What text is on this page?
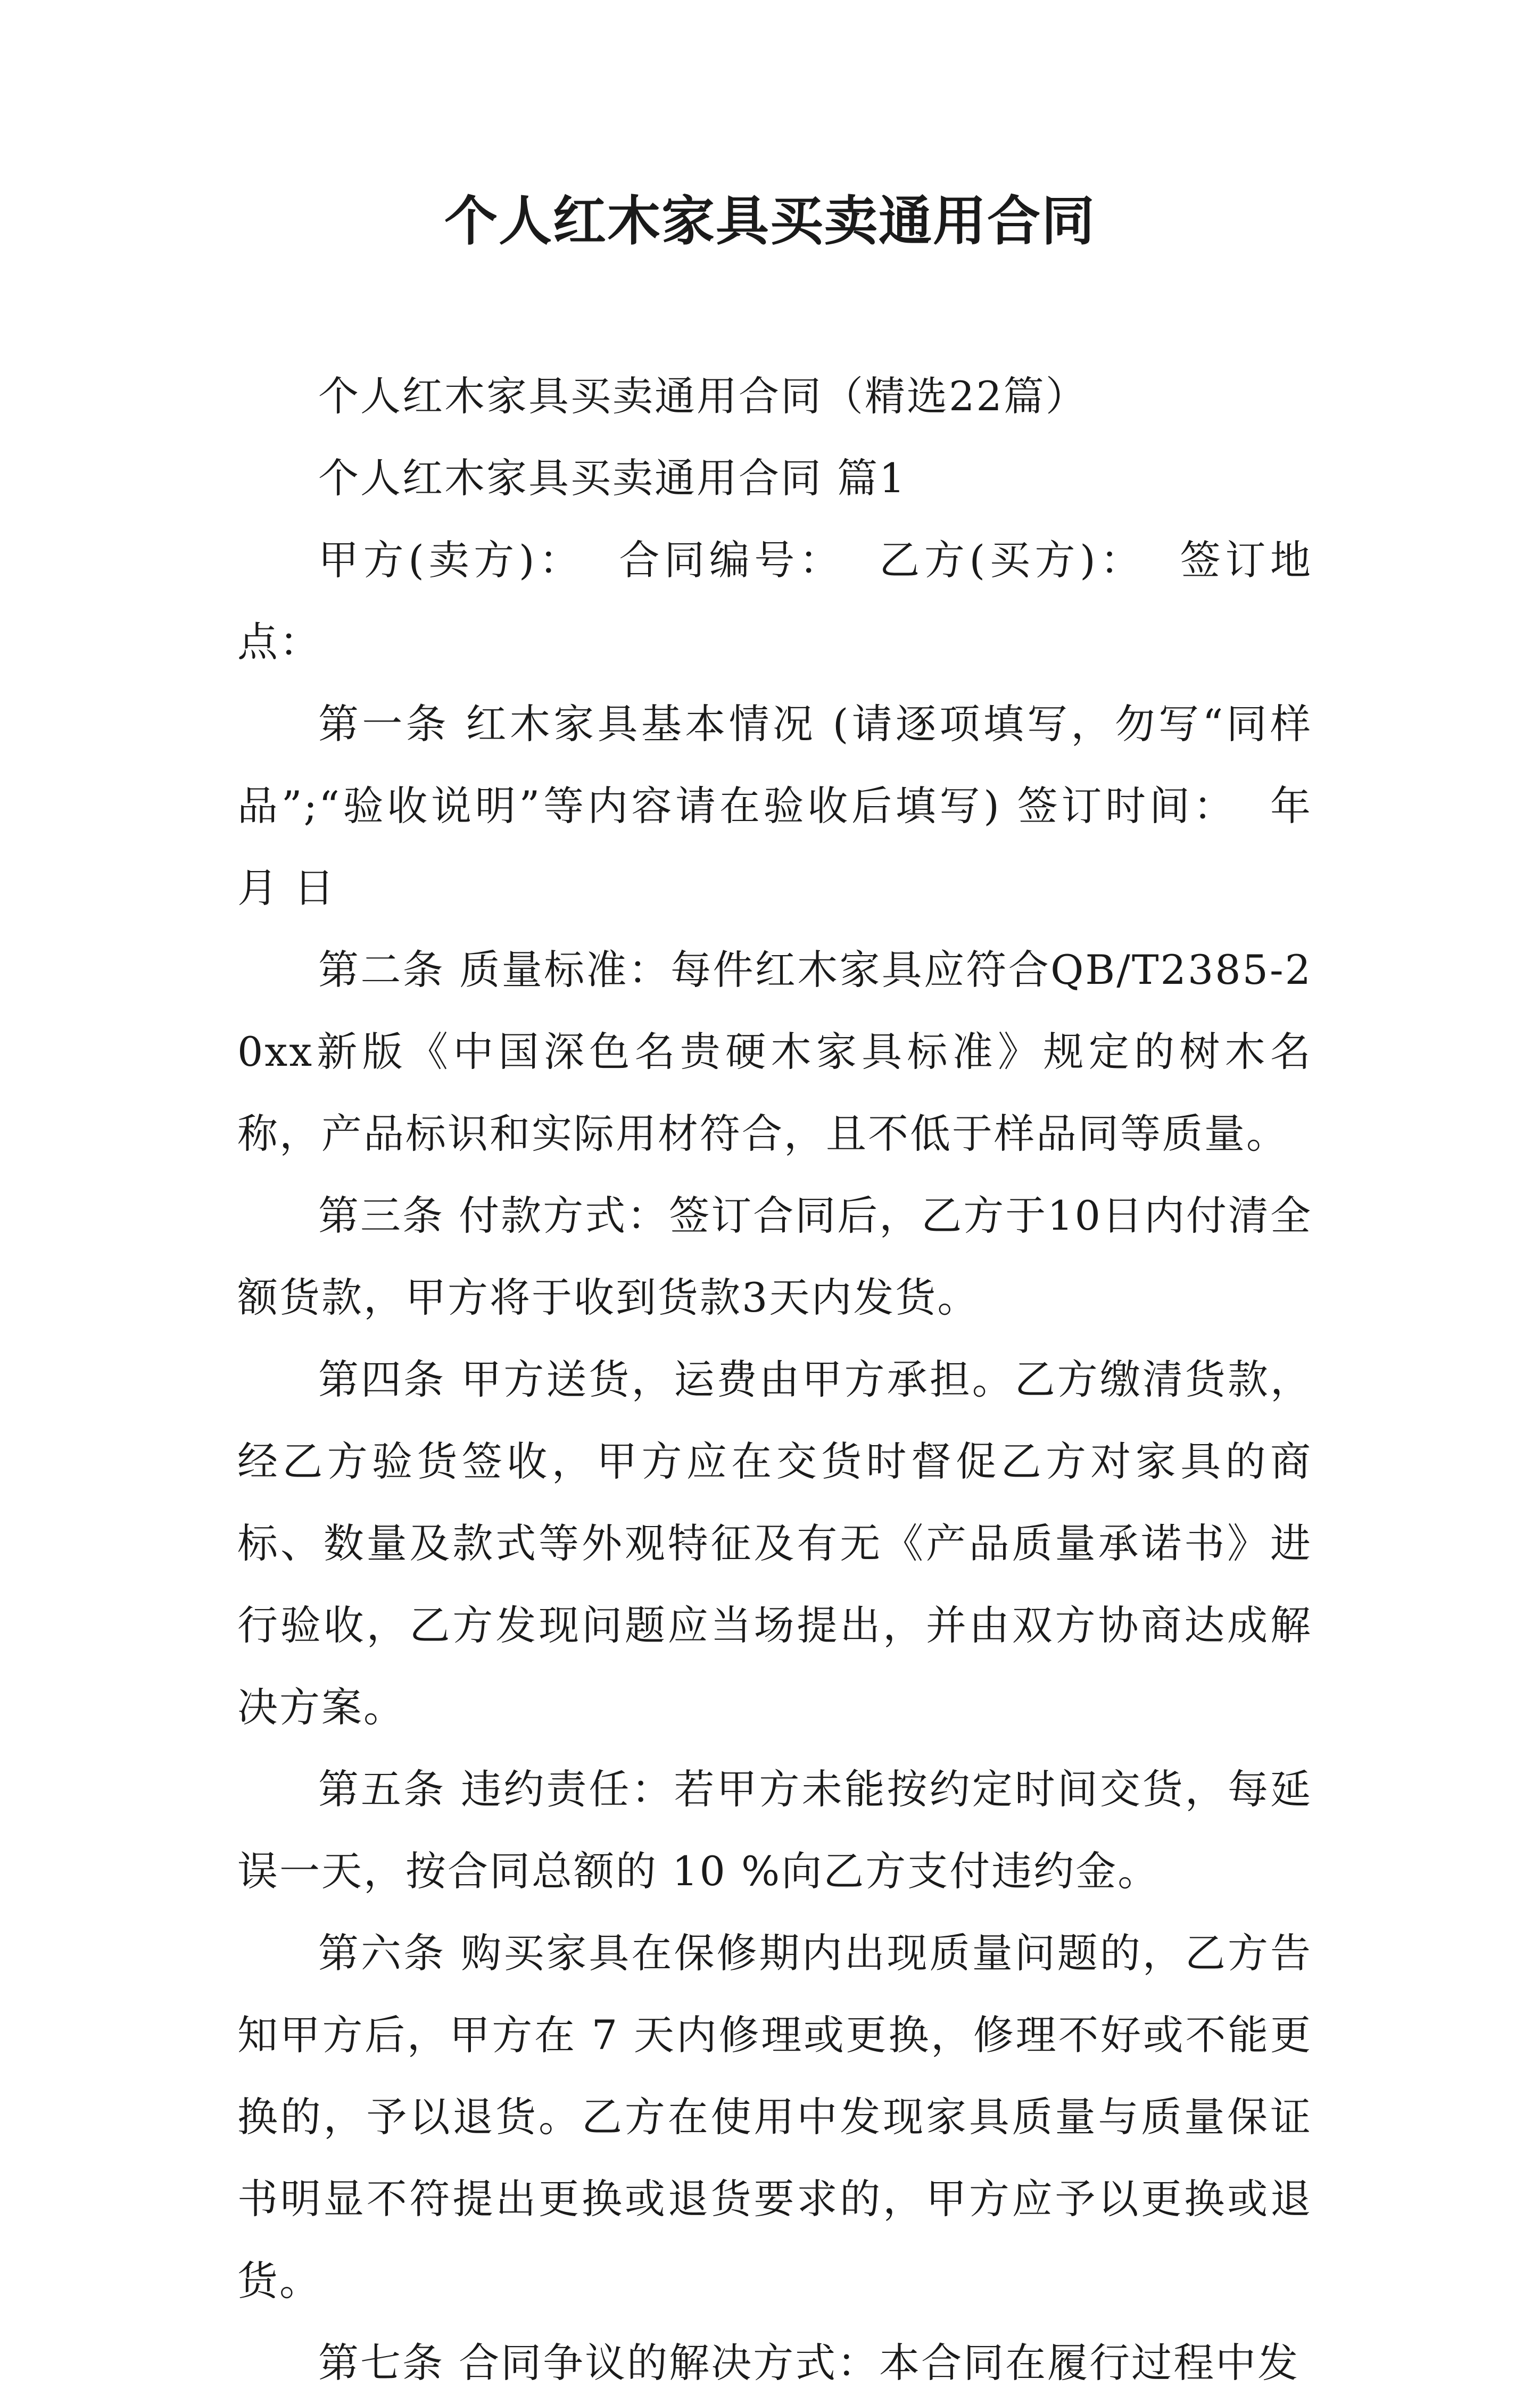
个人红木家具买卖通用合同

个人红木家具买卖通用合同（精选22篇）

个人红木家具买卖通用合同 篇1

甲方(卖方)：  合同编号：  乙方(买方)：  签订地点：

第一条 红木家具基本情况 (请逐项填写，勿写“同样品”;“验收说明”等内容请在验收后填写) 签订时间：  年 月 日

第二条 质量标准：每件红木家具应符合QB/T2385-20xx新版《中国深色名贵硬木家具标准》规定的树木名称，产品标识和实际用材符合，且不低于样品同等质量。

第三条 付款方式：签订合同后，乙方于10日内付清全额货款，甲方将于收到货款3天内发货。

第四条 甲方送货，运费由甲方承担。乙方缴清货款，经乙方验货签收，甲方应在交货时督促乙方对家具的商标、数量及款式等外观特征及有无《产品质量承诺书》进行验收，乙方发现问题应当场提出，并由双方协商达成解决方案。

第五条 违约责任：若甲方未能按约定时间交货，每延误一天，按合同总额的 10 %向乙方支付违约金。

第六条 购买家具在保修期内出现质量问题的，乙方告知甲方后，甲方在 7 天内修理或更换，修理不好或不能更换的，予以退货。乙方在使用中发现家具质量与质量保证书明显不符提出更换或退货要求的，甲方应予以更换或退货。

第七条 合同争议的解决方式：本合同在履行过程中发
